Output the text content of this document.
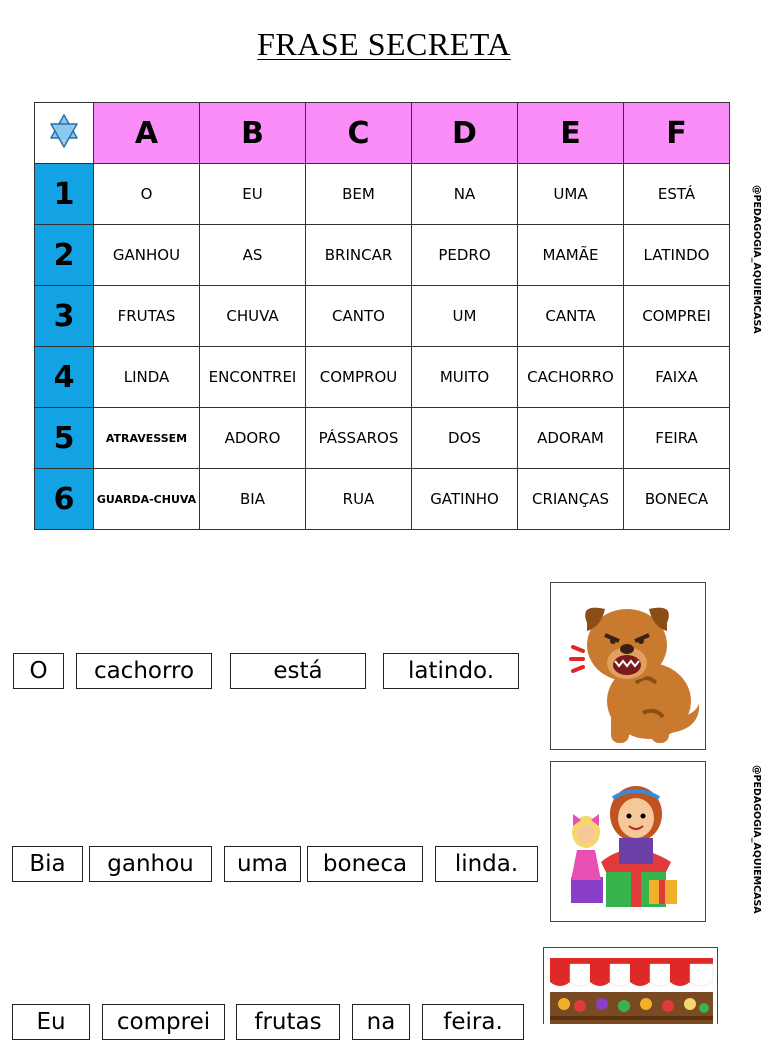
FRASE SECRETA
	A	B	C	D	E	F
1	O	EU	BEM	NA	UMA	ESTÁ
2	GANHOU	AS	BRINCAR	PEDRO	MAMÃE	LATINDO
3	FRUTAS	CHUVA	CANTO	UM	CANTA	COMPREI
4	LINDA	ENCONTREI	COMPROU	MUITO	CACHORRO	FAIXA
5	ATRAVESSEM	ADORO	PÁSSAROS	DOS	ADORAM	FEIRA
6	GUARDA-CHUVA	BIA	RUA	GATINHO	CRIANÇAS	BONECA
@PEDAGOGIA_AQUIEMCASA
@PEDAGOGIA_AQUIEMCASA
O	cachorro	está	latindo.
Bia	ganhou	uma	boneca	linda.
Eu	comprei	frutas	na	feira.
